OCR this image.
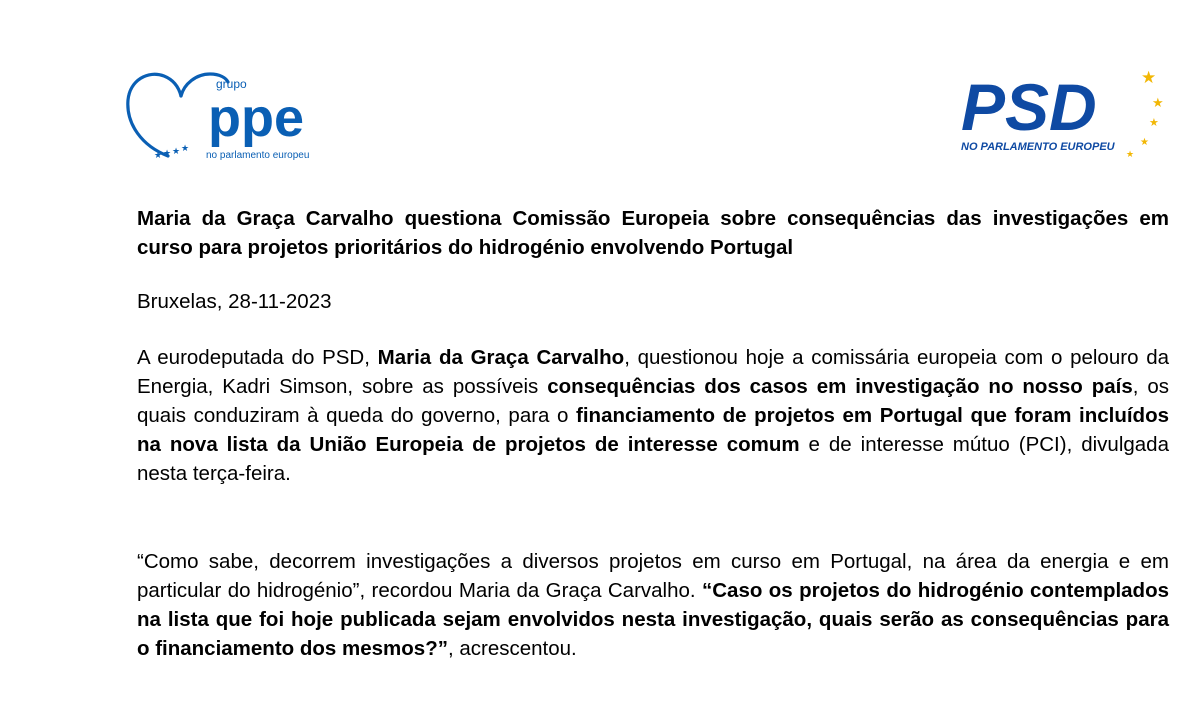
★ ★ ★ ★
grupo
ppe
no parlamento europeu
PSD	★
★
★
★
★
NO PARLAMENTO EUROPEU
Maria da Graça Carvalho questiona Comissão Europeia sobre consequências das investigações em curso para projetos prioritários do hidrogénio envolvendo Portugal

Bruxelas, 28-11-2023

A eurodeputada do PSD, Maria da Graça Carvalho, questionou hoje a comissária europeia com o pelouro da Energia, Kadri Simson, sobre as possíveis consequências dos casos em investigação no nosso país, os quais conduziram à queda do governo, para o financiamento de projetos em Portugal que foram incluídos na nova lista da União Europeia de projetos de interesse comum e de interesse mútuo (PCI), divulgada nesta terça-feira.

“Como sabe, decorrem investigações a diversos projetos em curso em Portugal, na área da energia e em particular do hidrogénio”, recordou Maria da Graça Carvalho. “Caso os projetos do hidrogénio contemplados na lista que foi hoje publicada sejam envolvidos nesta investigação, quais serão as consequências para o financiamento dos mesmos?”, acrescentou.
